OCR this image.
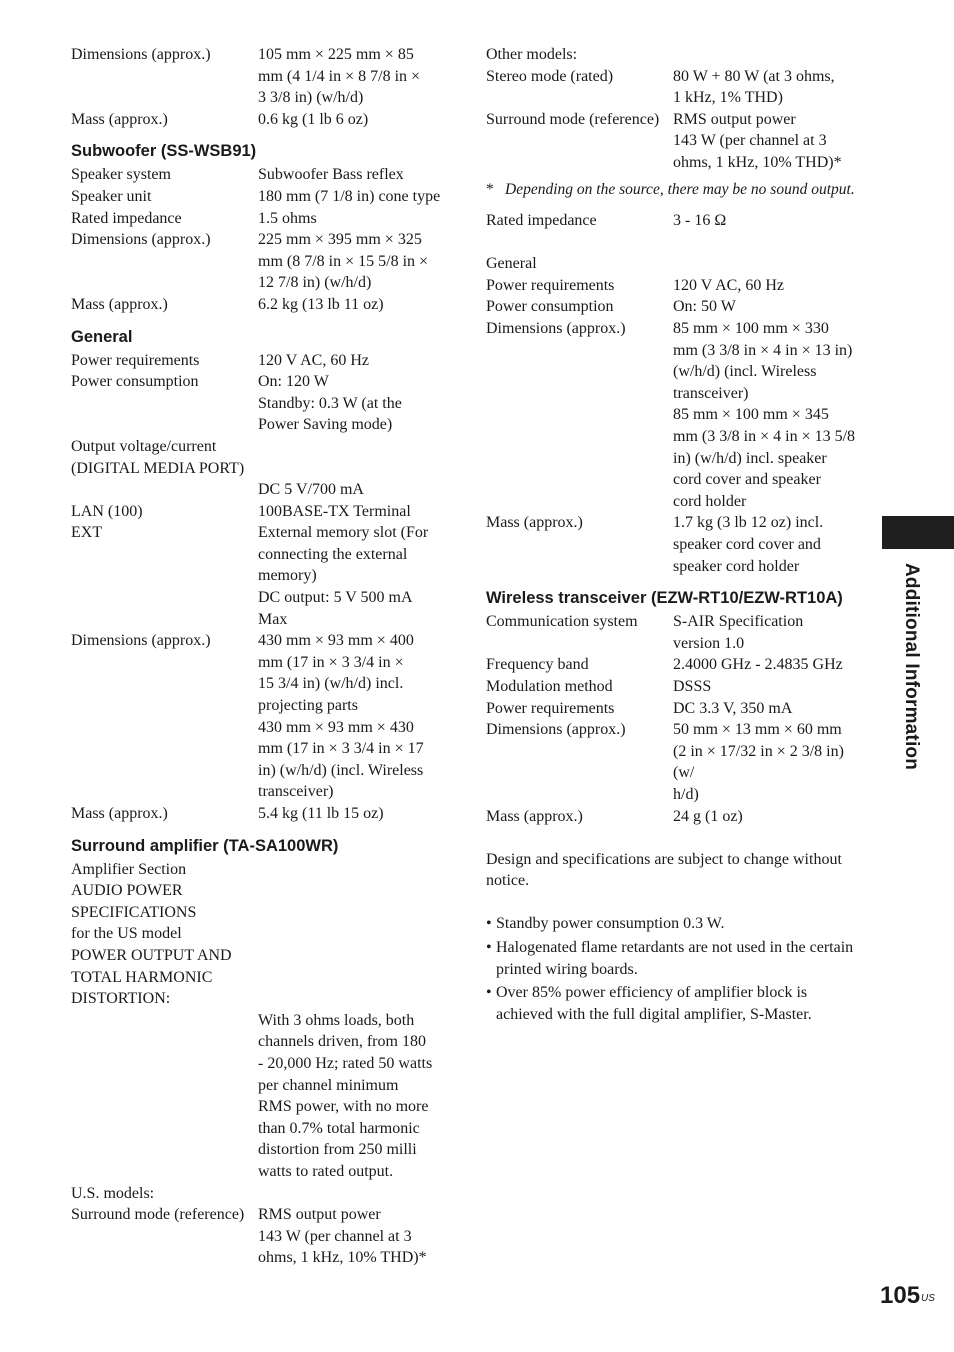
Dimensions (approx.)	105 mm × 225 mm × 85
mm (4 1/4 in × 8 7/8 in ×
3 3/8 in) (w/h/d)
Mass (approx.)	0.6 kg (1 lb 6 oz)
Subwoofer (SS-WSB91)
Speaker system	Subwoofer Bass reflex
Speaker unit	180 mm (7 1/8 in) cone type
Rated impedance	1.5 ohms
Dimensions (approx.)	225 mm × 395 mm × 325
mm (8 7/8 in × 15 5/8 in ×
12 7/8 in) (w/h/d)
Mass (approx.)	6.2 kg (13 lb 11 oz)
General
Power requirements	120 V AC, 60 Hz
Power consumption	On: 120 W
Standby: 0.3 W (at the
Power Saving mode)
Output voltage/current
(DIGITAL MEDIA PORT)
DC 5 V/700 mA
LAN (100)	100BASE-TX Terminal
EXT	External memory slot (For
connecting the external
memory)
DC output: 5 V 500 mA
Max
Dimensions (approx.)	430 mm × 93 mm × 400
mm (17 in × 3 3/4 in ×
15 3/4 in) (w/h/d) incl.
projecting parts
430 mm × 93 mm × 430
mm (17 in × 3 3/4 in × 17
in) (w/h/d) (incl. Wireless
transceiver)
Mass (approx.)	5.4 kg (11 lb 15 oz)
Surround amplifier (TA-SA100WR)
Amplifier Section
AUDIO POWER SPECIFICATIONS
for the US model
POWER OUTPUT AND TOTAL HARMONIC
DISTORTION:
With 3 ohms loads, both
channels driven, from 180
- 20,000 Hz; rated 50 watts
per channel minimum
RMS power, with no more
than 0.7% total harmonic
distortion from 250 milli
watts to rated output.
U.S. models:
Surround mode (reference) RMS output power
143 W (per channel at 3
ohms, 1 kHz, 10% THD)*
Other models:
Stereo mode (rated)	80 W + 80 W (at 3 ohms,
1 kHz, 1% THD)
Surround mode (reference) RMS output power
143 W (per channel at 3
ohms, 1 kHz, 10% THD)*
* Depending on the source, there may be no sound output.
Rated impedance	3 - 16 Ω
General
Power requirements	120 V AC, 60 Hz
Power consumption	On: 50 W
Dimensions (approx.)	85 mm × 100 mm × 330
mm (3 3/8 in × 4 in × 13 in)
(w/h/d) (incl. Wireless
transceiver)
85 mm × 100 mm × 345
mm (3 3/8 in × 4 in × 13 5/8
in) (w/h/d) incl. speaker
cord cover and speaker
cord holder
Mass (approx.)	1.7 kg (3 lb 12 oz) incl.
speaker cord cover and
speaker cord holder
Wireless transceiver (EZW-RT10/EZW-RT10A)
Communication system	S-AIR Specification
version 1.0
Frequency band	2.4000 GHz - 2.4835 GHz
Modulation method	DSSS
Power requirements	DC 3.3 V, 350 mA
Dimensions (approx.)	50 mm × 13 mm × 60 mm
(2 in × 17/32 in × 2 3/8 in) (w/
h/d)
Mass (approx.)	24 g (1 oz)

Design and specifications are subject to change without notice.

• Standby power consumption 0.3 W.
• Halogenated flame retardants are not used in the certain printed wiring boards.
• Over 85% power efficiency of amplifier block is achieved with the full digital amplifier, S-Master.
Additional Information
$105^{US}$
